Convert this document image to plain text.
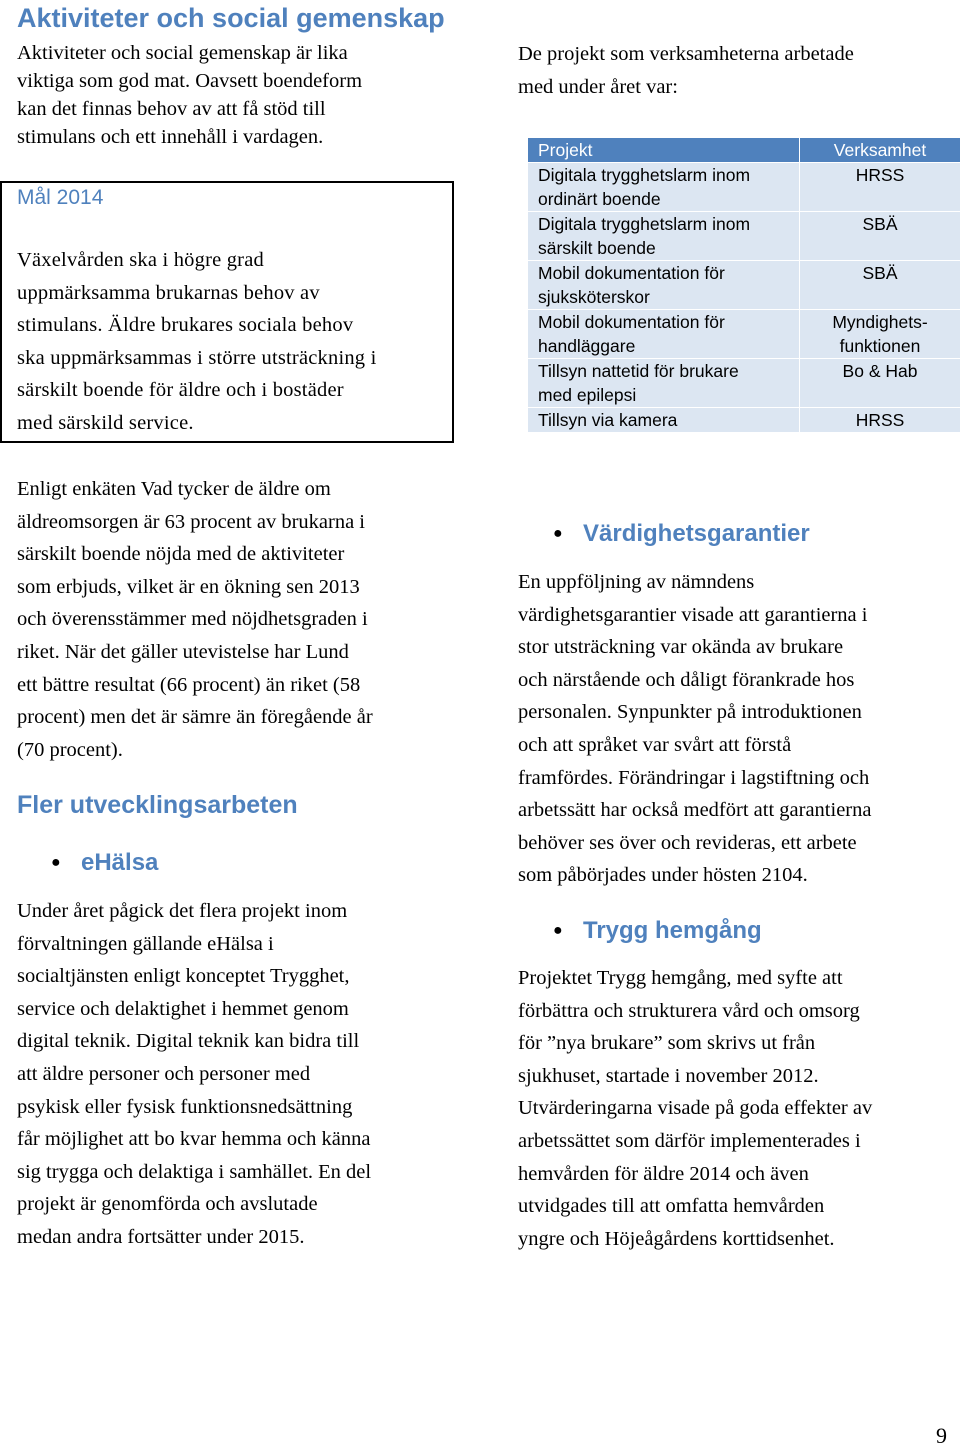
Aktiviteter och social gemenskap

Aktiviteter och social gemenskap är lika

viktiga som god mat. Oavsett boendeform

kan det finnas behov av att få stöd till

stimulans och ett innehåll i vardagen.

Mål 2014

Växelvården ska i högre grad

uppmärksamma brukarnas behov av

stimulans. Äldre brukares sociala behov

ska uppmärksammas i större utsträckning i

särskilt boende för äldre och i bostäder

med särskild service.

Enligt enkäten Vad tycker de äldre om

äldreomsorgen är 63 procent av brukarna i

särskilt boende nöjda med de aktiviteter

som erbjuds, vilket är en ökning sen 2013

och överensstämmer med nöjdhetsgraden i

riket. När det gäller utevistelse har Lund

ett bättre resultat (66 procent) än riket (58

procent) men det är sämre än föregående år

(70 procent).

Fler utvecklingsarbeten
● eHälsa

Under året pågick det flera projekt inom

förvaltningen gällande eHälsa i

socialtjänsten enligt konceptet Trygghet,

service och delaktighet i hemmet genom

digital teknik. Digital teknik kan bidra till

att äldre personer och personer med

psykisk eller fysisk funktionsnedsättning

får möjlighet att bo kvar hemma och känna

sig trygga och delaktiga i samhället. En del

projekt är genomförda och avslutade

medan andra fortsätter under 2015.

De projekt som verksamheterna arbetade

med under året var:

Projekt	Verksamhet
Digitala trygghetslarm inom
ordinärt boende	HRSS
Digitala trygghetslarm inom
särskilt boende	SBÄ
Mobil dokumentation för
sjuksköterskor	SBÄ
Mobil dokumentation för
handläggare	Myndighets-
funktionen
Tillsyn nattetid för brukare
med epilepsi	Bo & Hab
Tillsyn via kamera	HRSS
● Värdighetsgarantier

En uppföljning av nämndens

värdighetsgarantier visade att garantierna i

stor utsträckning var okända av brukare

och närstående och dåligt förankrade hos

personalen. Synpunkter på introduktionen

och att språket var svårt att förstå

framfördes. Förändringar i lagstiftning och

arbetssätt har också medfört att garantierna

behöver ses över och revideras, ett arbete

som påbörjades under hösten 2104.

● Trygg hemgång

Projektet Trygg hemgång, med syfte att

förbättra och strukturera vård och omsorg

för ”nya brukare” som skrivs ut från

sjukhuset, startade i november 2012.

Utvärderingarna visade på goda effekter av

arbetssättet som därför implementerades i

hemvården för äldre 2014 och även

utvidgades till att omfatta hemvården

yngre och Höjeågårdens korttidsenhet.

9
